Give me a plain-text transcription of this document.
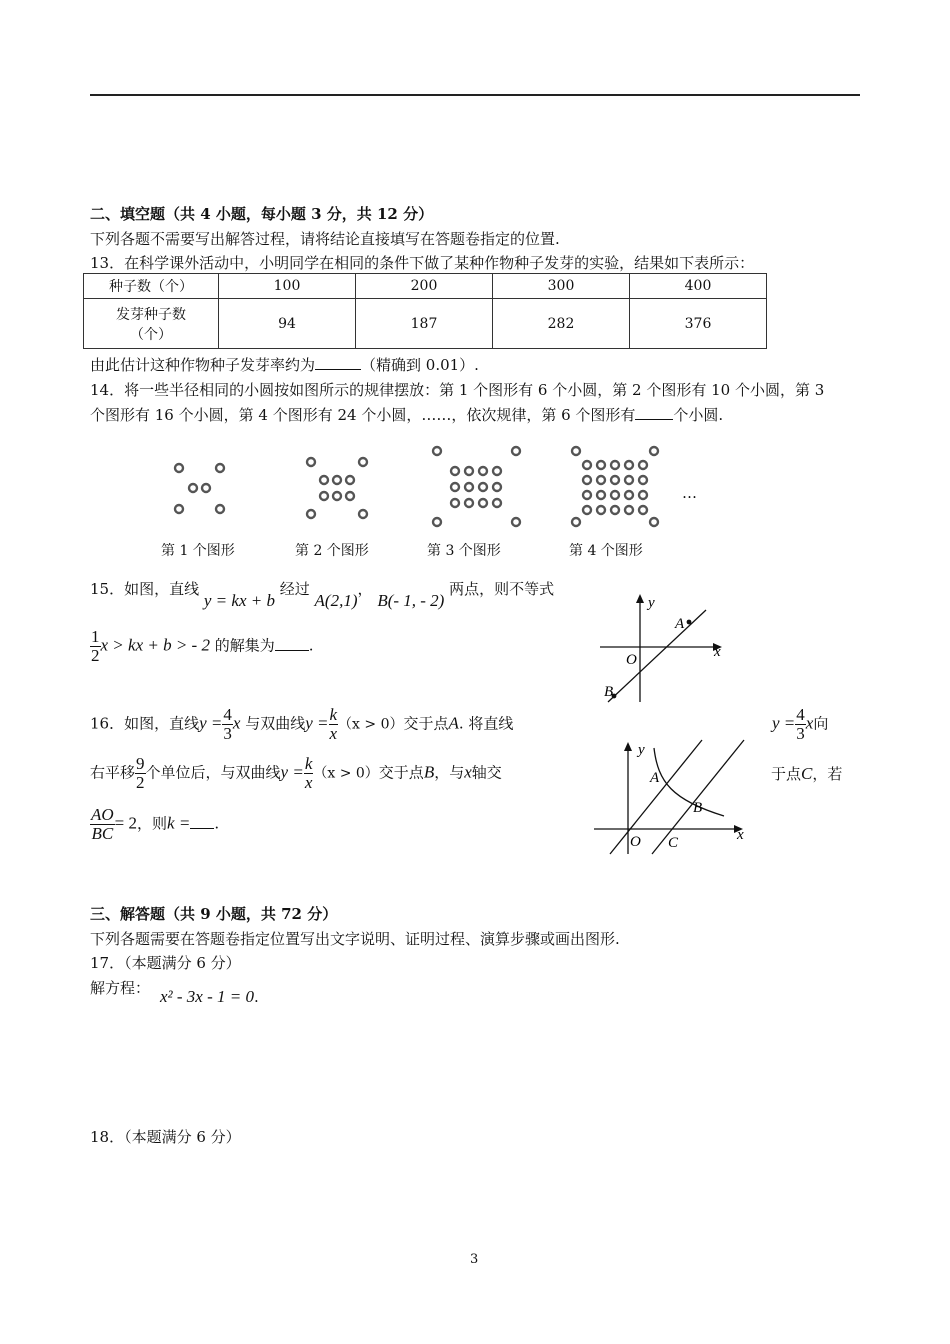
二、填空题（共 4 小题，每小题 3 分，共 12 分）
下列各题不需要写出解答过程，请将结论直接填写在答题卷指定的位置.
13．在科学课外活动中，小明同学在相同的条件下做了某种作物种子发芽的实验，结果如下表所示：
种子数（个）	100	200	300	400

发芽种子数
（个）	94	187	282	376
由此估计这种作物种子发芽率约为	（精确到 0.01）.
14．将一些半径相同的小圆按如图所示的规律摆放：第 1 个图形有 6 个小圆，第 2 个图形有 10 个小圆，第 3
个图形有 16 个小圆，第 4 个图形有 24 个小圆，……，依次规律，第 6 个图形有	个小圆.
…
第 1 个图形	第 2 个图形	第 3 个图形	第 4 个图形
15．如图，直线 y = kx + b 经过 A(2,1)， B(- 1, - 2) 两点，则不等式
$\frac{1}{2}$ x > kx + b > - 2 的解集为 .
y
x
O
A
B
16．如图，直线$y = \frac{4}{3}$ x 与双曲线$y = \frac{k}{x} (x > 0)$交于点A. 将直线	$y = \frac{4}{3}$ x向
右平移 $\frac{9}{2}$ 个单位后，与双曲线$y = \frac{k}{x} (x > 0)$交于点B，与x轴交	于点C，若
$\frac{AO}{BC} = 2$，则k = .
y
x
O
A
B
C
三、解答题（共 9 小题，共 72 分）
下列各题需要在答题卷指定位置写出文字说明、证明过程、演算步骤或画出图形.
17．（本题满分 6 分）
解方程： x² - 3x - 1 = 0.
18．（本题满分 6 分）
3
